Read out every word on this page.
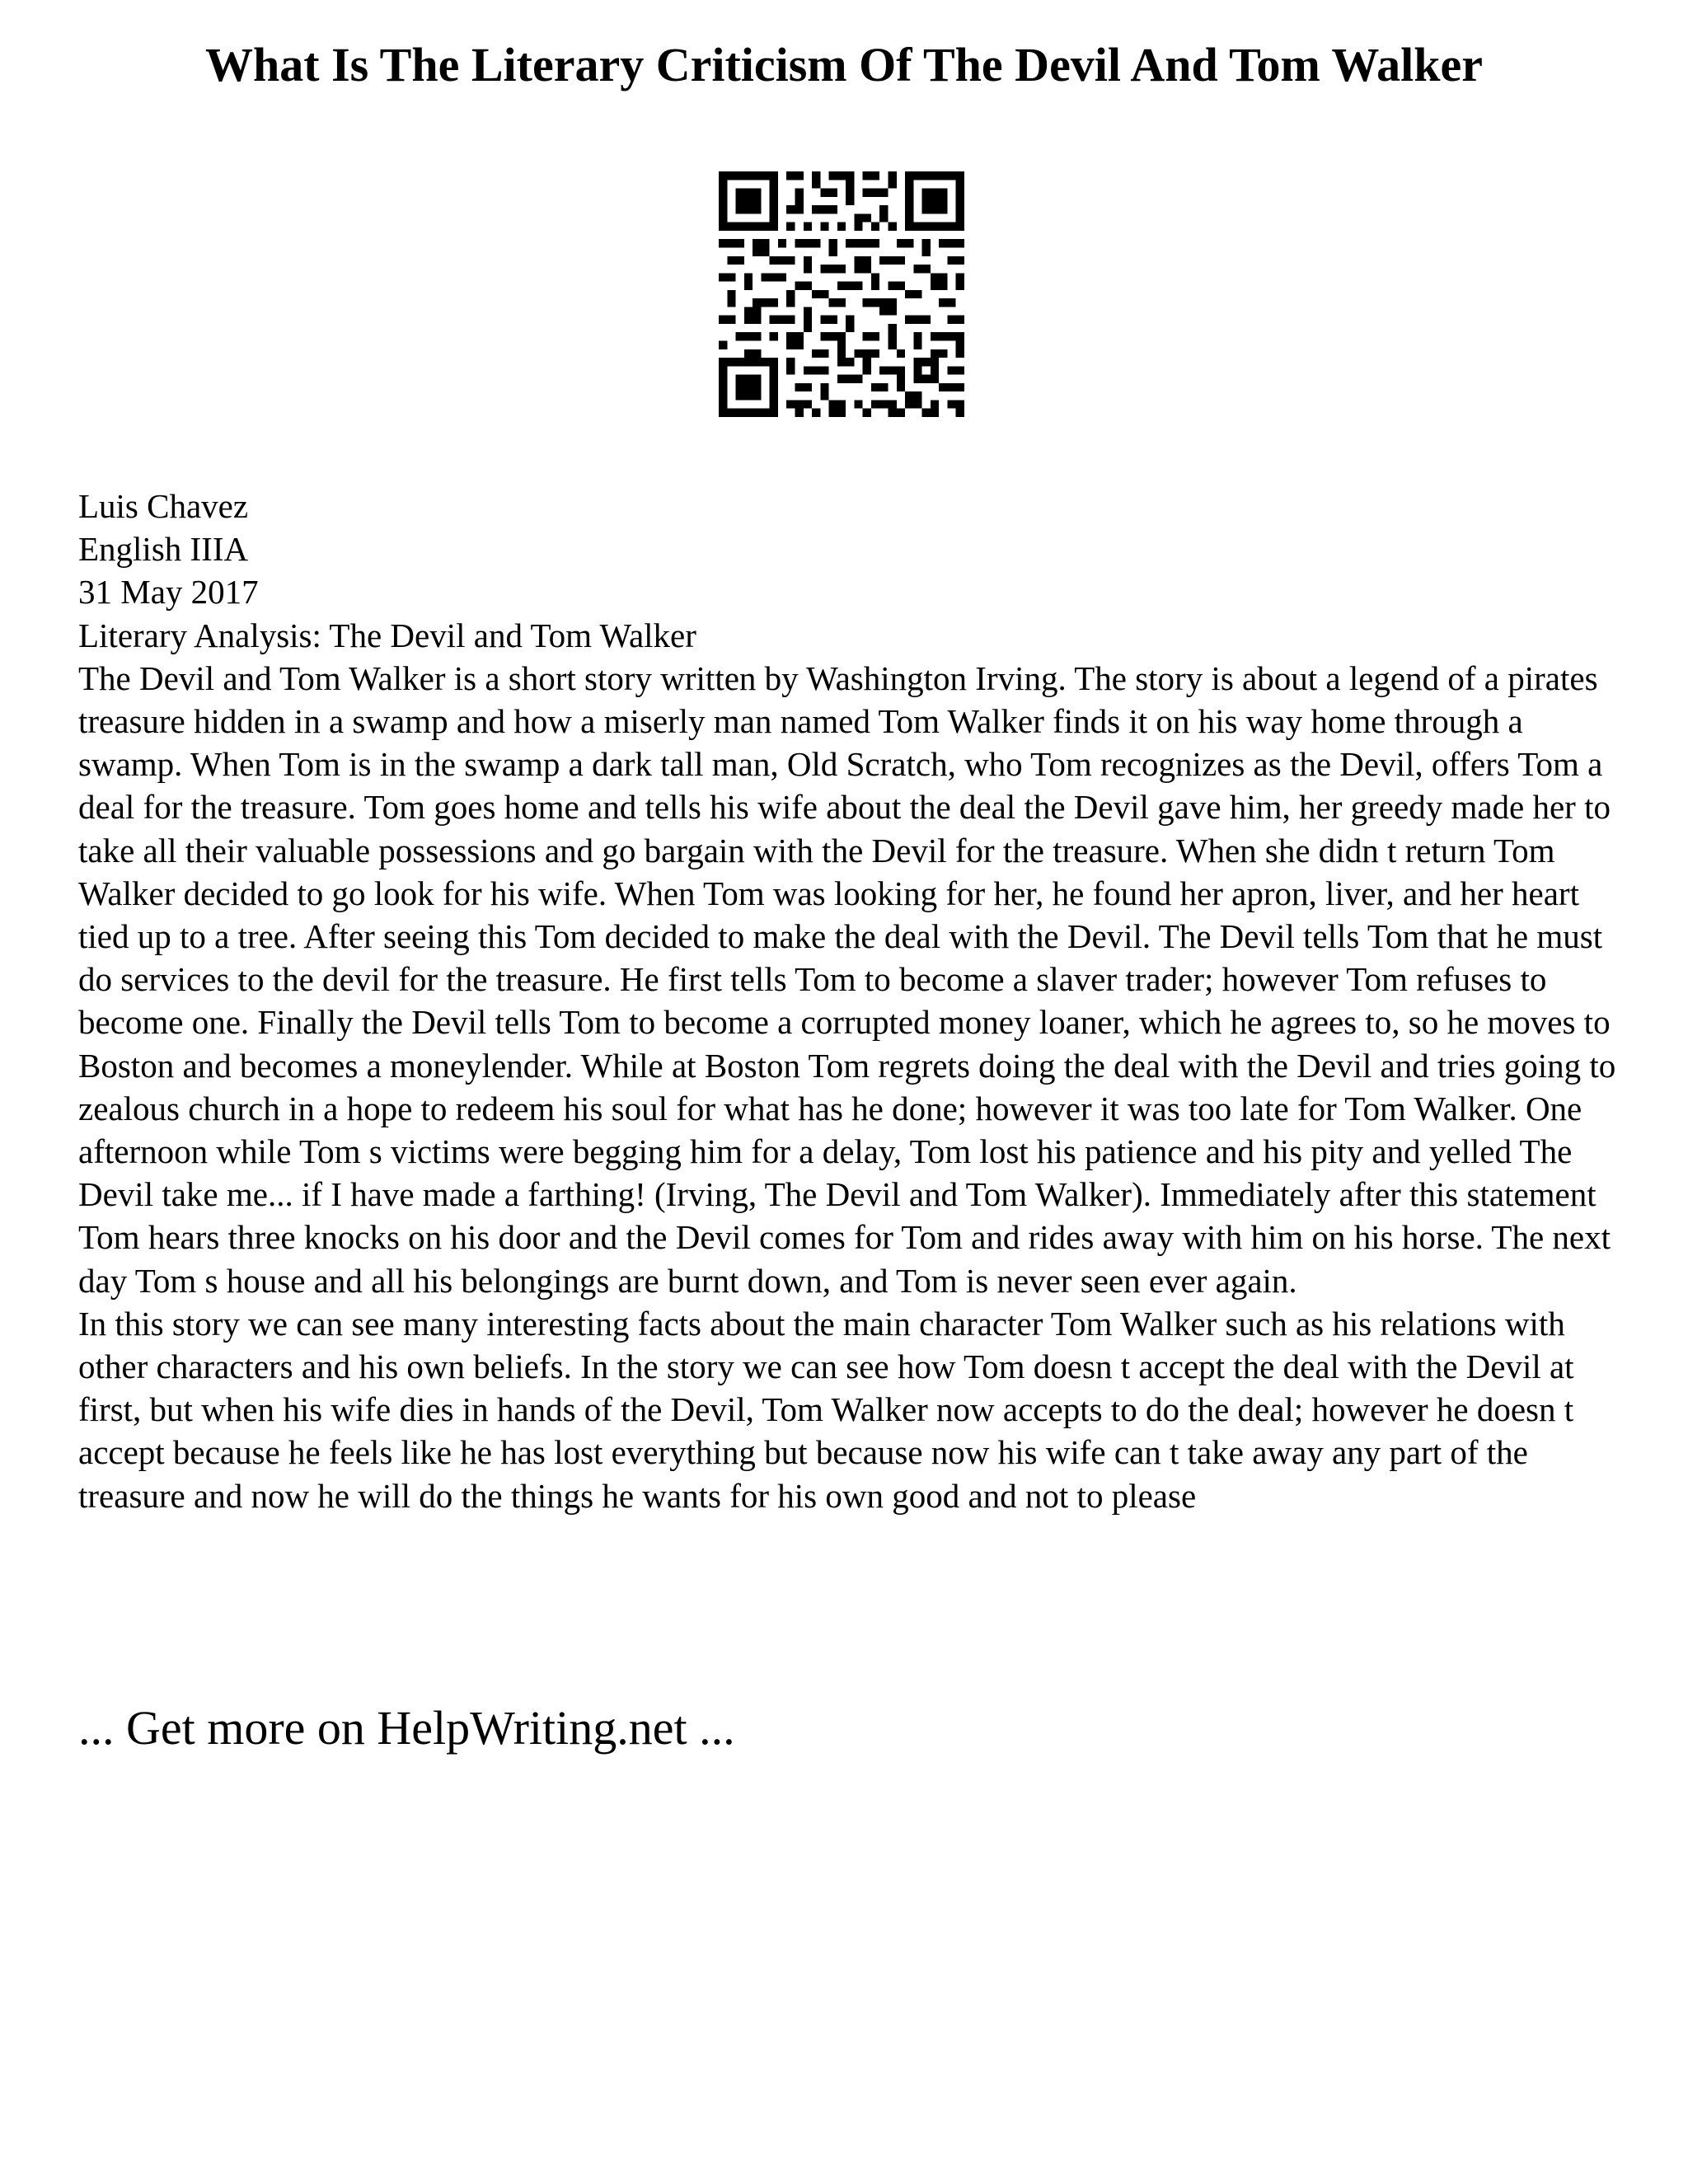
What Is The Literary Criticism Of The Devil And Tom Walker
Luis Chavez
English IIIA
31 May 2017
Literary Analysis: The Devil and Tom Walker

The Devil and Tom Walker is a short story written by Washington Irving. The story is about a legend of a pirates treasure hidden in a swamp and how a miserly man named Tom Walker finds it on his way home through a swamp. When Tom is in the swamp a dark tall man, Old Scratch, who Tom recognizes as the Devil, offers Tom a deal for the treasure. Tom goes home and tells his wife about the deal the Devil gave him, her greedy made her to take all their valuable possessions and go bargain with the Devil for the treasure. When she didn t return Tom Walker decided to go look for his wife. When Tom was looking for her, he found her apron, liver, and her heart tied up to a tree. After seeing this Tom decided to make the deal with the Devil. The Devil tells Tom that he must do services to the devil for the treasure. He first tells Tom to become a slaver trader; however Tom refuses to become one. Finally the Devil tells Tom to become a corrupted money loaner, which he agrees to, so he moves to Boston and becomes a moneylender. While at Boston Tom regrets doing the deal with the Devil and tries going to zealous church in a hope to redeem his soul for what has he done; however it was too late for Tom Walker. One afternoon while Tom s victims were begging him for a delay, Tom lost his patience and his pity and yelled The Devil take me... if I have made a farthing! (Irving, The Devil and Tom Walker). Immediately after this statement Tom hears three knocks on his door and the Devil comes for Tom and rides away with him on his horse. The next day Tom s house and all his belongings are burnt down, and Tom is never seen ever again.

In this story we can see many interesting facts about the main character Tom Walker such as his relations with other characters and his own beliefs. In the story we can see how Tom doesn t accept the deal with the Devil at first, but when his wife dies in hands of the Devil, Tom Walker now accepts to do the deal; however he doesn t accept because he feels like he has lost everything but because now his wife can t take away any part of the treasure and now he will do the things he wants for his own good and not to please

... Get more on HelpWriting.net ...
